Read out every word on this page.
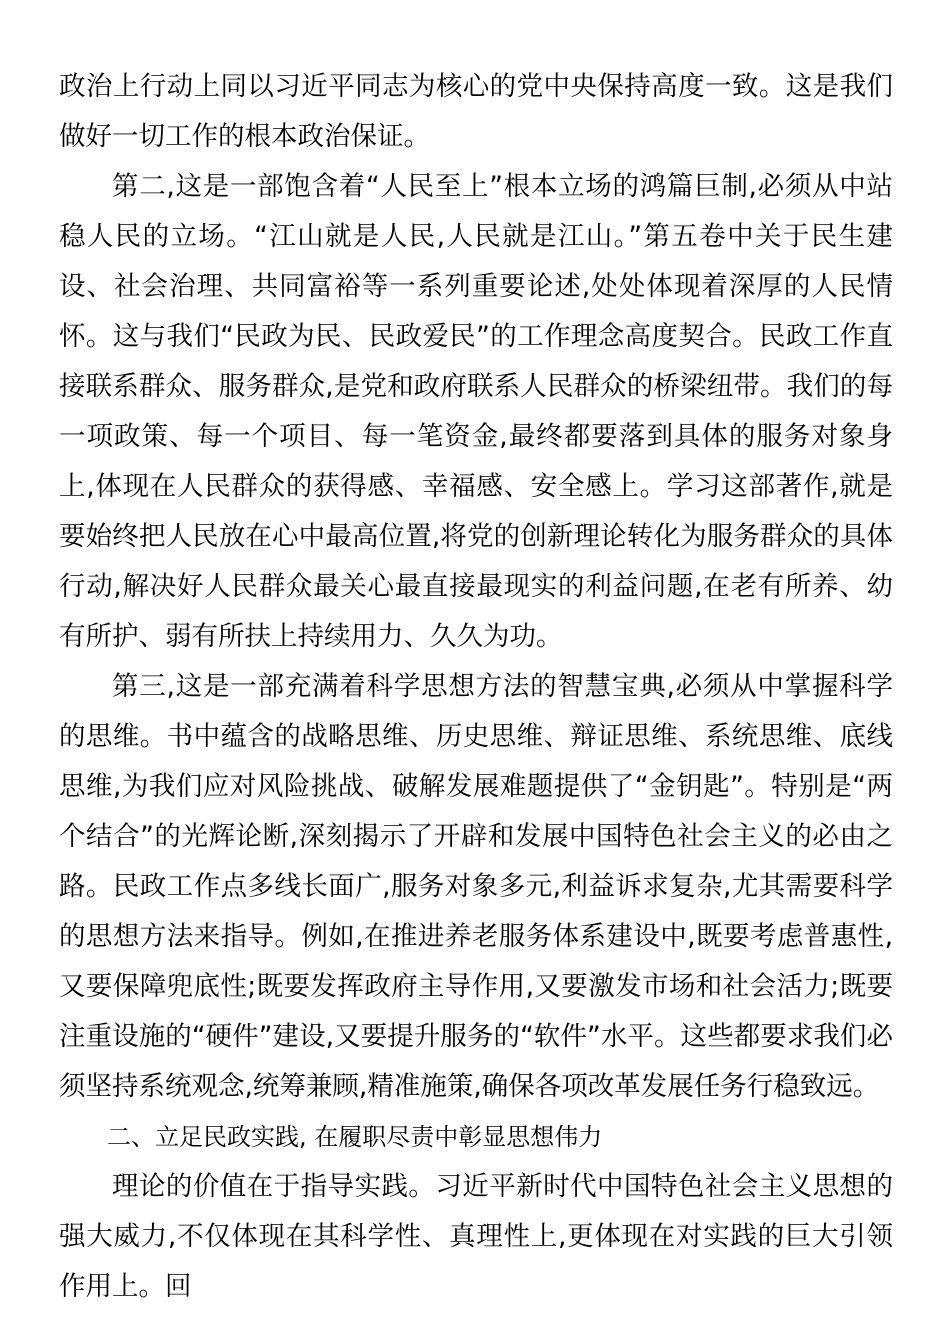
政治上行动上同以习近平同志为核心的党中央保持高度一致。这是我们做好一切工作的根本政治保证。

第二,这是一部饱含着“人民至上”根本立场的鸿篇巨制,必须从中站稳人民的立场。“江山就是人民,人民就是江山。”第五卷中关于民生建设、社会治理、共同富裕等一系列重要论述,处处体现着深厚的人民情怀。这与我们“民政为民、民政爱民”的工作理念高度契合。民政工作直接联系群众、服务群众,是党和政府联系人民群众的桥梁纽带。我们的每一项政策、每一个项目、每一笔资金,最终都要落到具体的服务对象身上,体现在人民群众的获得感、幸福感、安全感上。学习这部著作,就是要始终把人民放在心中最高位置,将党的创新理论转化为服务群众的具体行动,解决好人民群众最关心最直接最现实的利益问题,在老有所养、幼有所护、弱有所扶上持续用力、久久为功。

第三,这是一部充满着科学思想方法的智慧宝典,必须从中掌握科学的思维。书中蕴含的战略思维、历史思维、辩证思维、系统思维、底线思维,为我们应对风险挑战、破解发展难题提供了“金钥匙”。特别是“两个结合”的光辉论断,深刻揭示了开辟和发展中国特色社会主义的必由之路。民政工作点多线长面广,服务对象多元,利益诉求复杂,尤其需要科学的思想方法来指导。例如,在推进养老服务体系建设中,既要考虑普惠性,又要保障兜底性;既要发挥政府主导作用,又要激发市场和社会活力;既要注重设施的“硬件”建设,又要提升服务的“软件”水平。这些都要求我们必须坚持系统观念,统筹兼顾,精准施策,确保各项改革发展任务行稳致远。

二、立足民政实践, 在履职尽责中彰显思想伟力

理论的价值在于指导实践。习近平新时代中国特色社会主义思想的强大威力,不仅体现在其科学性、真理性上,更体现在对实践的巨大引领作用上。回
